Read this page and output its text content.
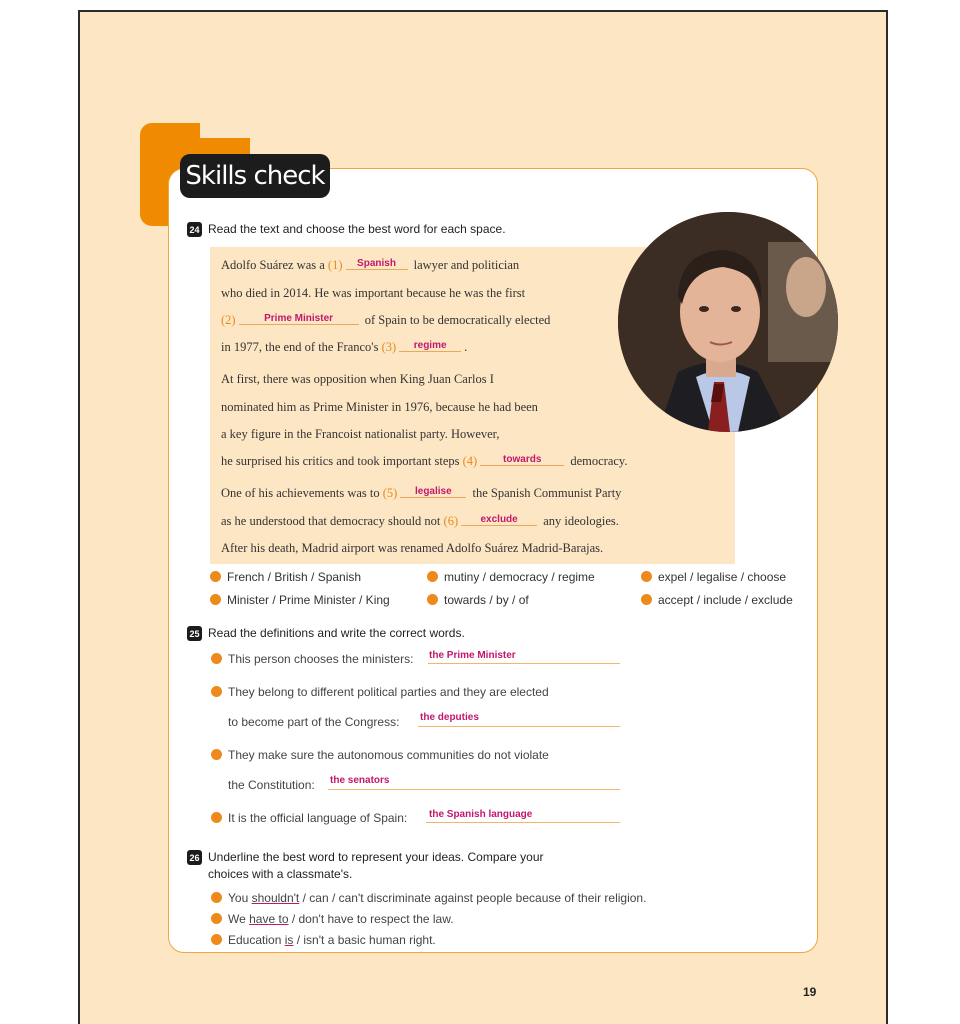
Skills check
24 Read the text and choose the best word for each space.
Adolfo Suárez was a (1) Spanish lawyer and politician
who died in 2014. He was important because he was the first
(2)	Prime Minister of Spain to be democratically elected
in 1977, the end of the Franco's (3) regime .
At first, there was opposition when King Juan Carlos I
nominated him as Prime Minister in 1976, because he had been
a key figure in the Francoist nationalist party. However,
he surprised his critics and took important steps (4)	towards democracy.
One of his achievements was to (5) legalise the Spanish Communist Party
as he understood that democracy should not (6) exclude any ideologies.
After his death, Madrid airport was renamed Adolfo Suárez Madrid-Barajas.
French / British / Spanish	mutiny / democracy / regime	expel / legalise / choose
Minister / Prime Minister / King	towards / by / of	accept / include / exclude
25 Read the definitions and write the correct words.
This person chooses the ministers: the Prime Minister
They belong to different political parties and they are elected
to become part of the Congress: the deputies
They make sure the autonomous communities do not violate
the Constitution: the senators
It is the official language of Spain: the Spanish language
26 Underline the best word to represent your ideas. Compare your
choices with a classmate's.
You shouldn't / can / can't discriminate against people because of their religion.
We have to / don't have to respect the law.
Education is / isn't a basic human right.
19
